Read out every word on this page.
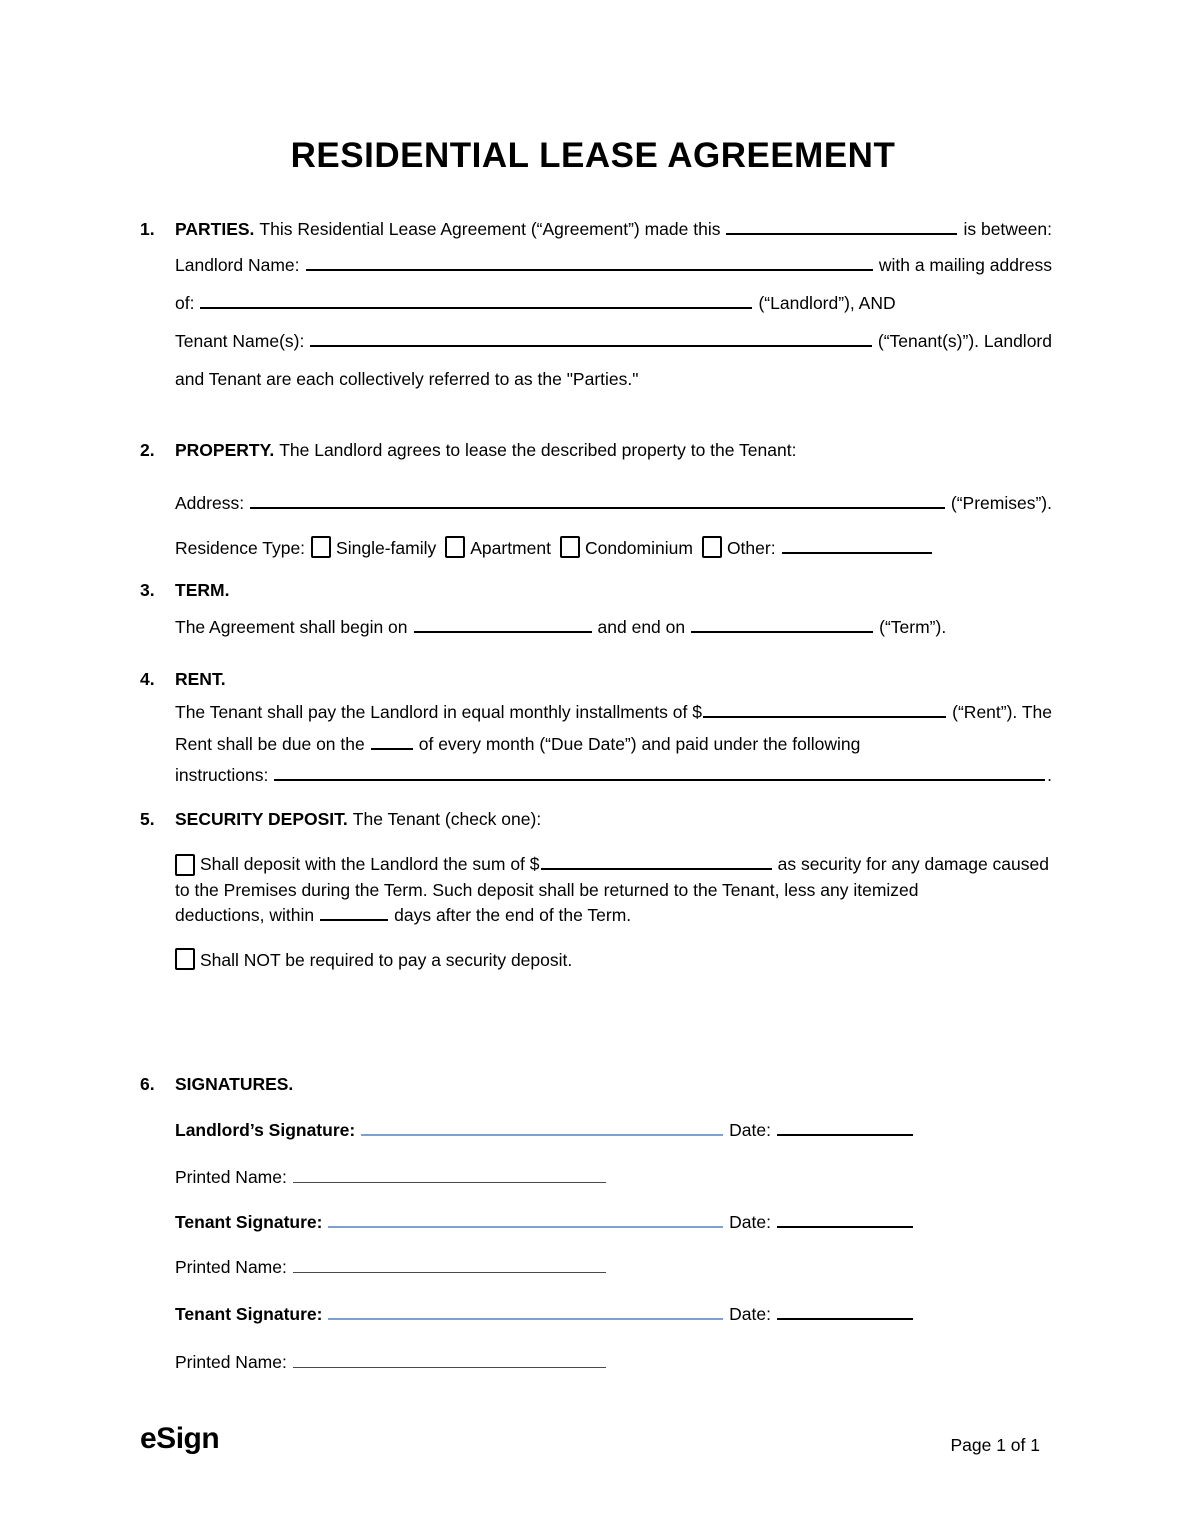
RESIDENTIAL LEASE AGREEMENT
1.	PARTIES. This Residential Lease Agreement (“Agreement”) made this	is between:
Landlord Name:	with a mailing address
of:	(“Landlord”), AND
Tenant Name(s):	(“Tenant(s)”). Landlord
and Tenant are each collectively referred to as the "Parties."
2. PROPERTY. The Landlord agrees to lease the described property to the Tenant:
Address:	(“Premises”).
Residence Type: Single-family Apartment Condominium Other:
3. TERM.
The Agreement shall begin on	and end on	(“Term”).
4. RENT.
The Tenant shall pay the Landlord in equal monthly installments of $	(“Rent”). The
Rent shall be due on the	of every month (“Due Date”) and paid under the following
instructions:	.
5. SECURITY DEPOSIT. The Tenant (check one):
Shall deposit with the Landlord the sum of $	as security for any damage caused
to the Premises during the Term. Such deposit shall be returned to the Tenant, less any itemized
deductions, within	days after the end of the Term.
Shall NOT be required to pay a security deposit.
6. SIGNATURES.
Landlord’s Signature:	Date:
Printed Name:
Tenant Signature:	Date:
Printed Name:
Tenant Signature:	Date:
Printed Name:
eSign	Page 1 of 1
